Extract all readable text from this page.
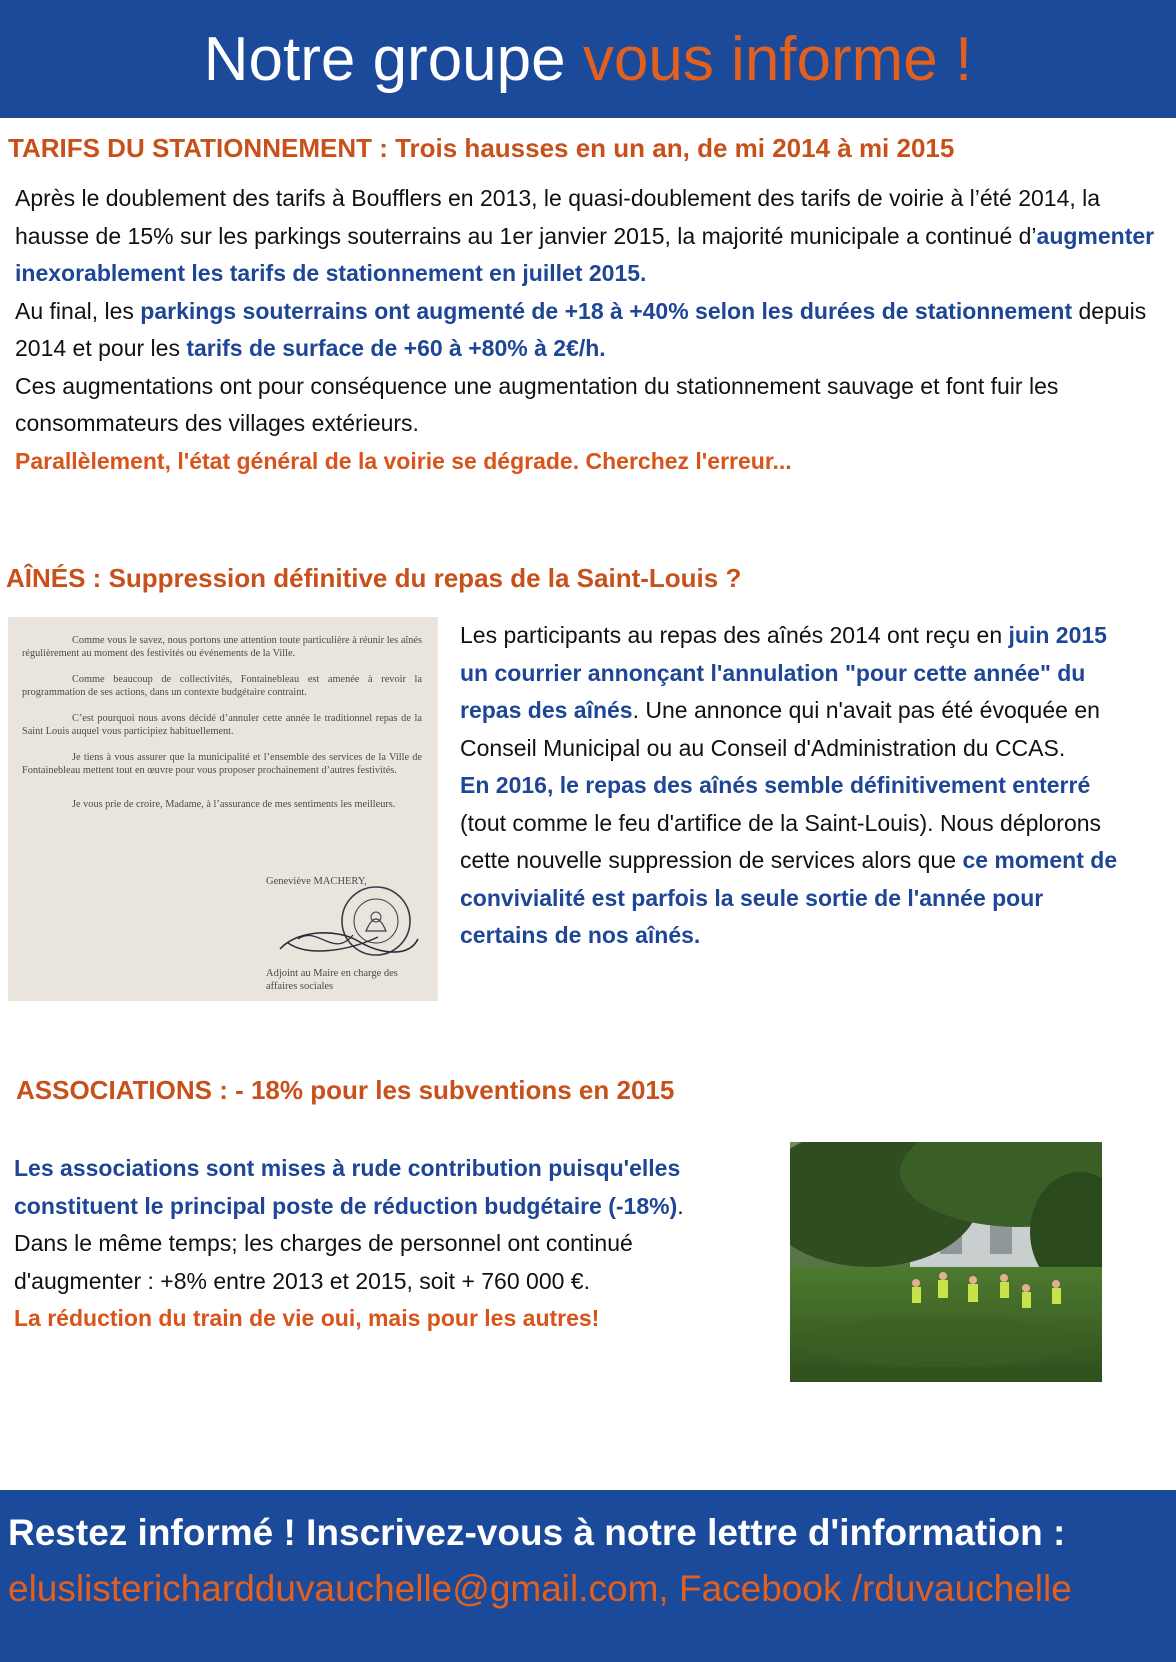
Notre groupe
vous informe !
TARIFS DU STATIONNEMENT : Trois hausses en un an, de mi 2014 à mi 2015
Après le doublement des tarifs à Boufflers en 2013, le quasi-doublement des tarifs de voirie à l’été 2014, la hausse de 15% sur les parkings souterrains au 1er janvier 2015, la majorité municipale a continué d’augmenter inexorablement les tarifs de stationnement en juillet 2015.
Au final, les parkings souterrains ont augmenté de +18 à +40% selon les durées de stationnement depuis 2014 et pour les tarifs de surface de +60 à +80% à 2€/h.
Ces augmentations ont pour conséquence une augmentation du stationnement sauvage et font fuir les consommateurs des villages extérieurs.
Parallèlement, l'état général de la voirie se dégrade. Cherchez l'erreur...
AÎNÉS : Suppression définitive du repas de la Saint-Louis ?

Comme vous le savez, nous portons une attention toute particulière à réunir les aînés régulièrement au moment des festivités ou événements de la Ville.

Comme beaucoup de collectivités, Fontainebleau est amenée à revoir la programmation de ses actions, dans un contexte budgétaire contraint.

C’est pourquoi nous avons décidé d’annuler cette année le traditionnel repas de la Saint Louis auquel vous participiez habituellement.

Je tiens à vous assurer que la municipalité et l’ensemble des services de la Ville de Fontainebleau mettent tout en œuvre pour vous proposer prochainement d’autres festivités.

Je vous prie de croire, Madame, à l’assurance de mes sentiments les meilleurs.

Geneviève MACHERY,
Adjoint au Maire en charge des affaires sociales
Les participants au repas des aînés 2014 ont reçu en juin 2015 un courrier annonçant l'annulation "pour cette année" du repas des aînés. Une annonce qui n'avait pas été évoquée en Conseil Municipal ou au Conseil d'Administration du CCAS.
En 2016, le repas des aînés semble définitivement enterré (tout comme le feu d'artifice de la Saint-Louis). Nous déplorons cette nouvelle suppression de services alors que ce moment de convivialité est parfois la seule sortie de l'année pour certains de nos aînés.
ASSOCIATIONS : - 18% pour les subventions en 2015
Les associations sont mises à rude contribution puisqu'elles constituent le principal poste de réduction budgétaire (-18%).
Dans le même temps; les charges de personnel ont continué d'augmenter : +8% entre 2013 et 2015, soit + 760 000 €.
La réduction du train de vie oui, mais pour les autres!
Restez informé ! Inscrivez-vous à notre lettre d'information :
eluslisterichardduvauchelle@gmail.com, Facebook /rduvauchelle
